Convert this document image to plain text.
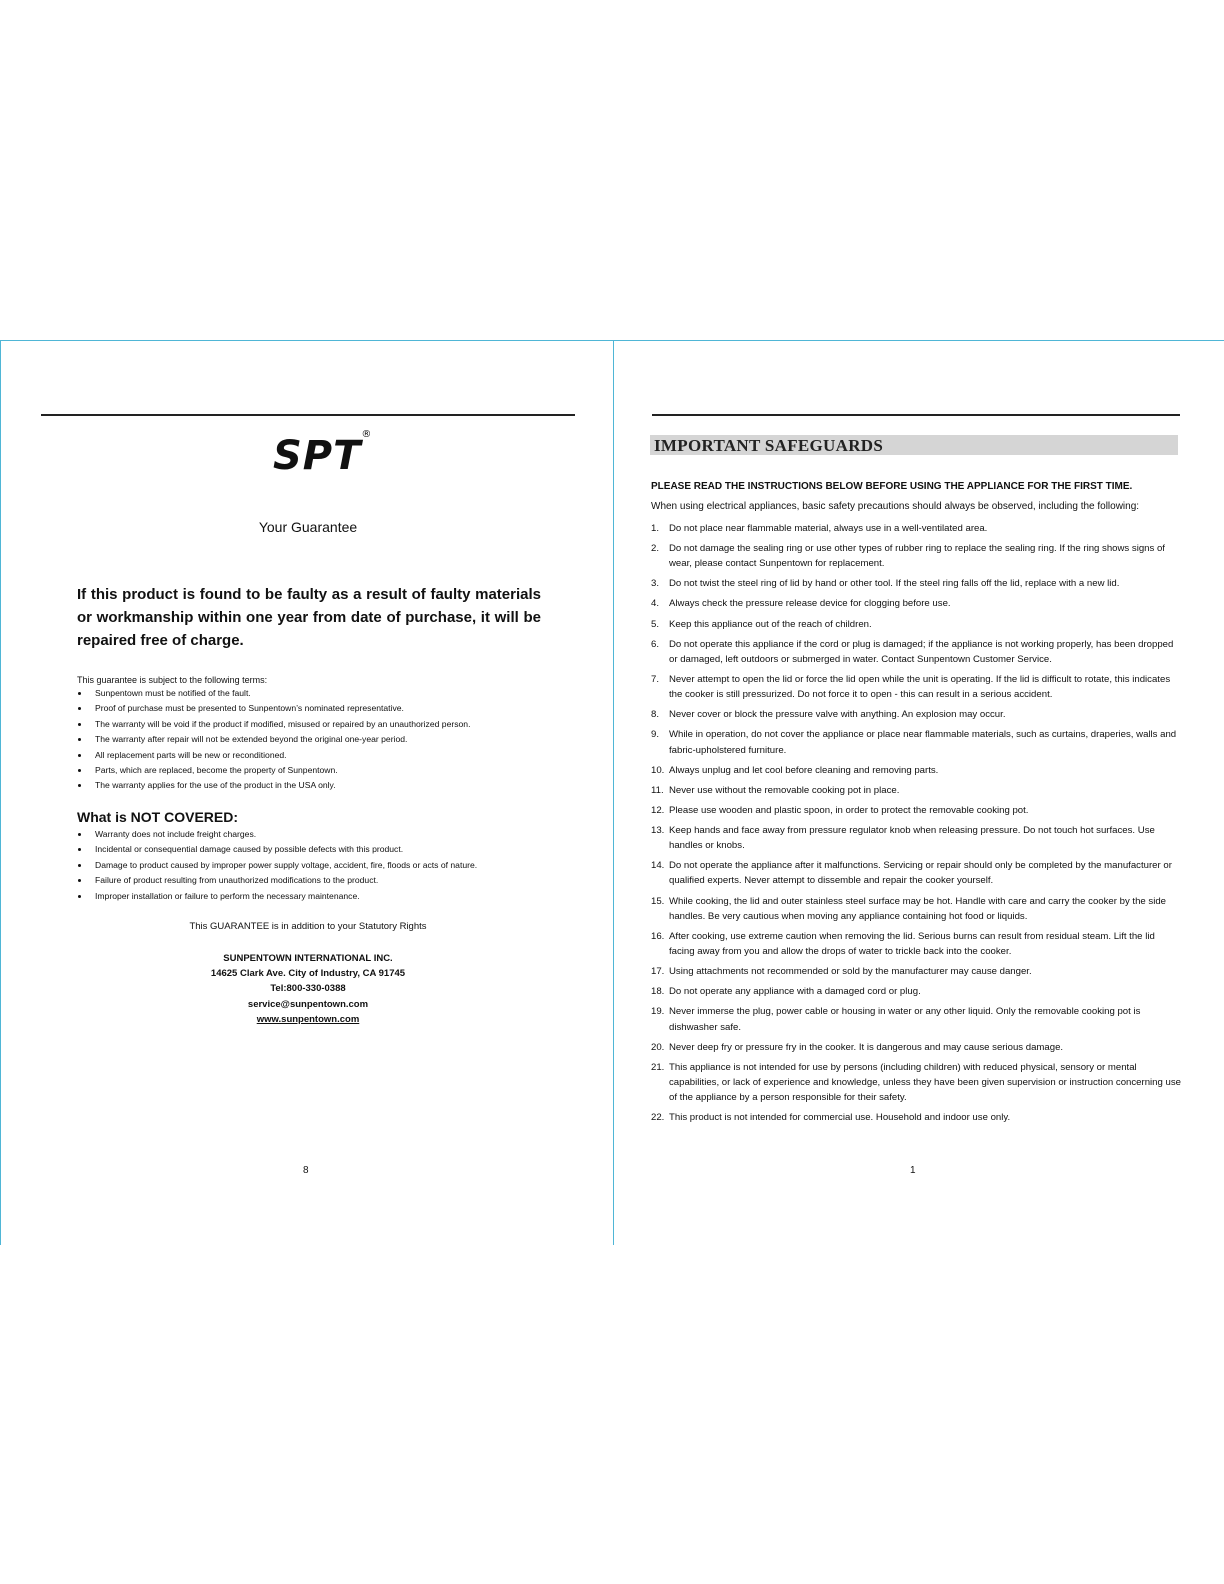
SPT®
Your Guarantee
If this product is found to be faulty as a result of faulty materials or workmanship within one year from date of purchase, it will be repaired free of charge.
This guarantee is subject to the following terms:
Sunpentown must be notified of the fault.
Proof of purchase must be presented to Sunpentown’s nominated representative.
The warranty will be void if the product if modified, misused or repaired by an unauthorized person.
The warranty after repair will not be extended beyond the original one-year period.
All replacement parts will be new or reconditioned.
Parts, which are replaced, become the property of Sunpentown.
The warranty applies for the use of the product in the USA only.
What is NOT COVERED:
Warranty does not include freight charges.
Incidental or consequential damage caused by possible defects with this product.
Damage to product caused by improper power supply voltage, accident, fire, floods or acts of nature.
Failure of product resulting from unauthorized modifications to the product.
Improper installation or failure to perform the necessary maintenance.
This GUARANTEE is in addition to your Statutory Rights
SUNPENTOWN INTERNATIONAL INC.
14625 Clark Ave. City of Industry, CA 91745
Tel:800-330-0388
service@sunpentown.com
www.sunpentown.com
8
IMPORTANT SAFEGUARDS
PLEASE READ THE INSTRUCTIONS BELOW BEFORE USING THE APPLIANCE FOR THE FIRST TIME.
When using electrical appliances, basic safety precautions should always be observed, including the following:
1. Do not place near flammable material, always use in a well-ventilated area.
2. Do not damage the sealing ring or use other types of rubber ring to replace the sealing ring. If the ring shows signs of wear, please contact Sunpentown for replacement.
3. Do not twist the steel ring of lid by hand or other tool. If the steel ring falls off the lid, replace with a new lid.
4. Always check the pressure release device for clogging before use.
5. Keep this appliance out of the reach of children.
6. Do not operate this appliance if the cord or plug is damaged; if the appliance is not working properly, has been dropped or damaged, left outdoors or submerged in water. Contact Sunpentown Customer Service.
7. Never attempt to open the lid or force the lid open while the unit is operating. If the lid is difficult to rotate, this indicates the cooker is still pressurized. Do not force it to open - this can result in a serious accident.
8. Never cover or block the pressure valve with anything. An explosion may occur.
9. While in operation, do not cover the appliance or place near flammable materials, such as curtains, draperies, walls and fabric-upholstered furniture.
10. Always unplug and let cool before cleaning and removing parts.
11. Never use without the removable cooking pot in place.
12. Please use wooden and plastic spoon, in order to protect the removable cooking pot.
13. Keep hands and face away from pressure regulator knob when releasing pressure. Do not touch hot surfaces. Use handles or knobs.
14. Do not operate the appliance after it malfunctions. Servicing or repair should only be completed by the manufacturer or qualified experts. Never attempt to dissemble and repair the cooker yourself.
15. While cooking, the lid and outer stainless steel surface may be hot. Handle with care and carry the cooker by the side handles. Be very cautious when moving any appliance containing hot food or liquids.
16. After cooking, use extreme caution when removing the lid. Serious burns can result from residual steam. Lift the lid facing away from you and allow the drops of water to trickle back into the cooker.
17. Using attachments not recommended or sold by the manufacturer may cause danger.
18. Do not operate any appliance with a damaged cord or plug.
19. Never immerse the plug, power cable or housing in water or any other liquid. Only the removable cooking pot is dishwasher safe.
20. Never deep fry or pressure fry in the cooker. It is dangerous and may cause serious damage.
21. This appliance is not intended for use by persons (including children) with reduced physical, sensory or mental capabilities, or lack of experience and knowledge, unless they have been given supervision or instruction concerning use of the appliance by a person responsible for their safety.
22. This product is not intended for commercial use. Household and indoor use only.
1
